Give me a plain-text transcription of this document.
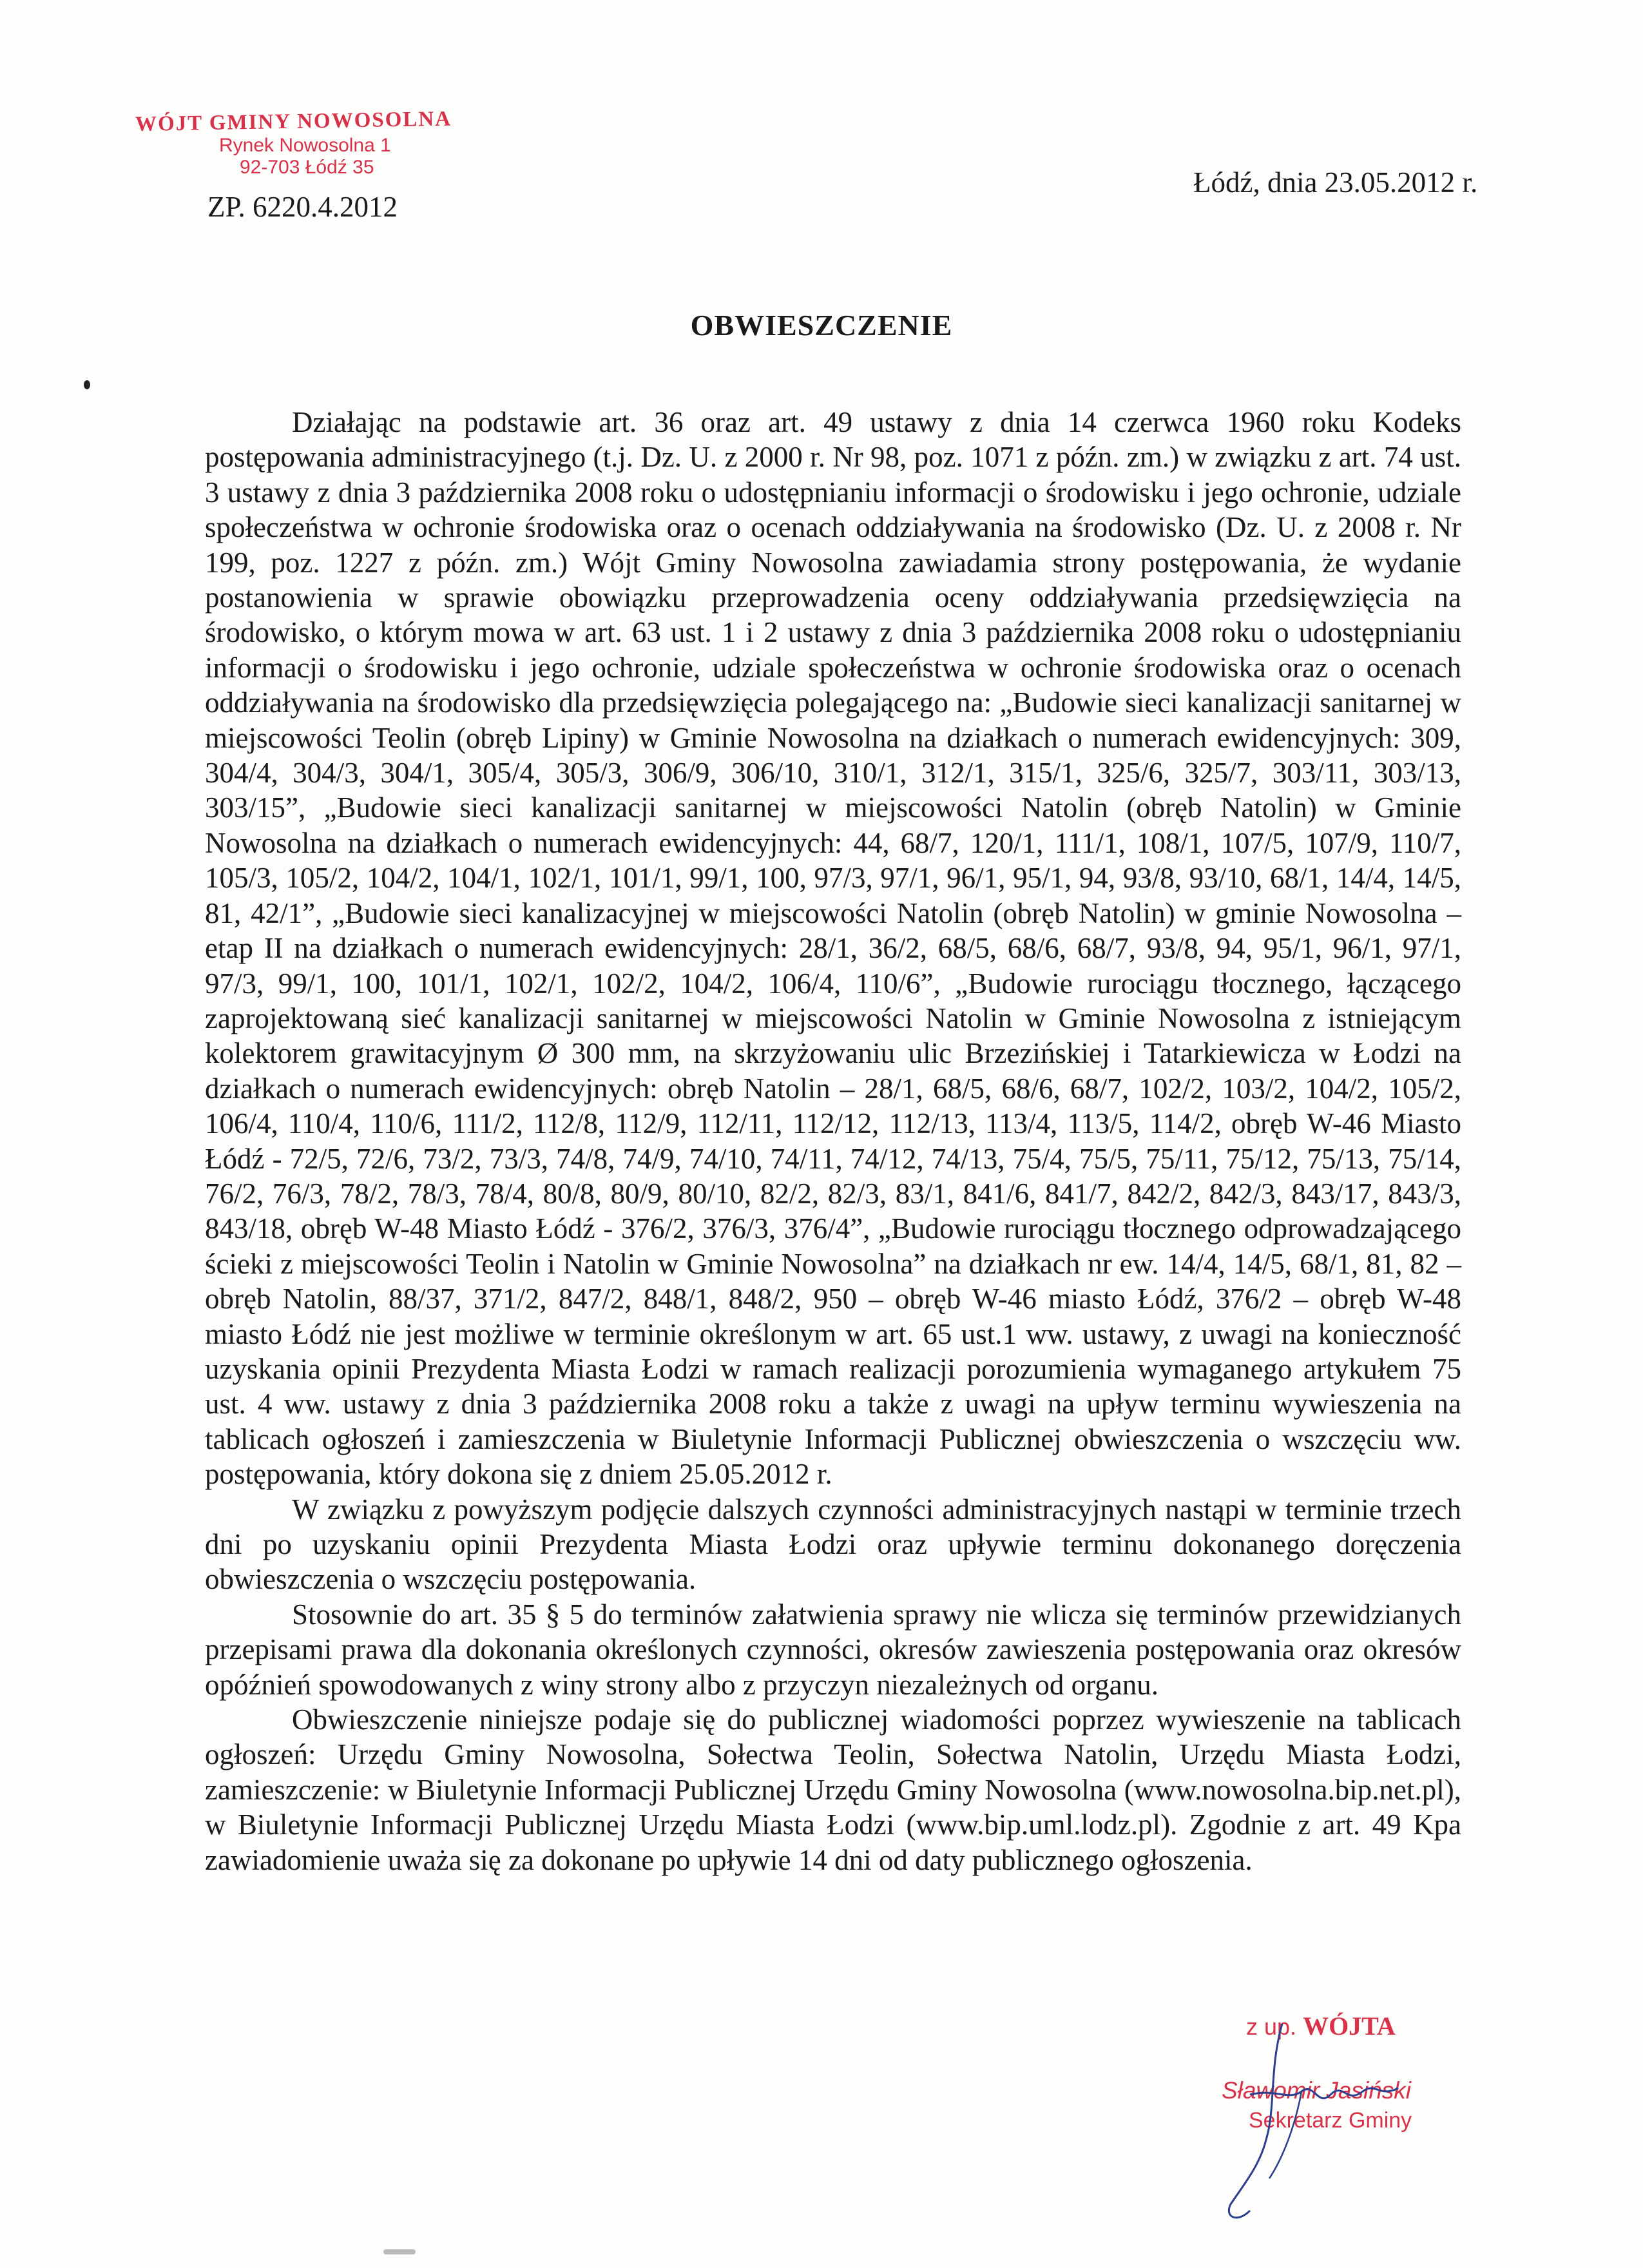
WÓJT GMINY NOWOSOLNA
Rynek Nowosolna 1
92-703 Łódź 35
ZP. 6220.4.2012
Łódź, dnia 23.05.2012 r.
OBWIESZCZENIE

Działając na podstawie art. 36 oraz art. 49 ustawy z dnia 14 czerwca 1960 roku Kodeks postępowania administracyjnego (t.j. Dz. U. z 2000 r. Nr 98, poz. 1071 z późn. zm.) w związku z art. 74 ust. 3 ustawy z dnia 3 października 2008 roku o udostępnianiu informacji o środowisku i jego ochronie, udziale społeczeństwa w ochronie środowiska oraz o ocenach oddziaływania na środowisko (Dz. U. z 2008 r. Nr 199, poz. 1227 z późn. zm.) Wójt Gminy Nowosolna zawiadamia strony postępowania, że wydanie postanowienia w sprawie obowiązku przeprowadzenia oceny oddziaływania przedsięwzięcia na środowisko, o którym mowa w art. 63 ust. 1 i 2 ustawy z dnia 3 października 2008 roku o udostępnianiu informacji o środowisku i jego ochronie, udziale społeczeństwa w ochronie środowiska oraz o ocenach oddziaływania na środowisko dla przedsięwzięcia polegającego na: „Budowie sieci kanalizacji sanitarnej w miejscowości Teolin (obręb Lipiny) w Gminie Nowosolna na działkach o numerach ewidencyjnych: 309, 304/4, 304/3, 304/1, 305/4, 305/3, 306/9, 306/10, 310/1, 312/1, 315/1, 325/6, 325/7, 303/11, 303/13, 303/15”, „Budowie sieci kanalizacji sanitarnej w miejscowości Natolin (obręb Natolin) w Gminie Nowosolna na działkach o numerach ewidencyjnych: 44, 68/7, 120/1, 111/1, 108/1, 107/5, 107/9, 110/7, 105/3, 105/2, 104/2, 104/1, 102/1, 101/1, 99/1, 100, 97/3, 97/1, 96/1, 95/1, 94, 93/8, 93/10, 68/1, 14/4, 14/5, 81, 42/1”, „Budowie sieci kanalizacyjnej w miejscowości Natolin (obręb Natolin) w gminie Nowosolna – etap II na działkach o numerach ewidencyjnych: 28/1, 36/2, 68/5, 68/6, 68/7, 93/8, 94, 95/1, 96/1, 97/1, 97/3, 99/1, 100, 101/1, 102/1, 102/2, 104/2, 106/4, 110/6”, „Budowie rurociągu tłocznego, łączącego zaprojektowaną sieć kanalizacji sanitarnej w miejscowości Natolin w Gminie Nowosolna z istniejącym kolektorem grawitacyjnym Ø 300 mm, na skrzyżowaniu ulic Brzezińskiej i Tatarkiewicza w Łodzi na działkach o numerach ewidencyjnych: obręb Natolin – 28/1, 68/5, 68/6, 68/7, 102/2, 103/2, 104/2, 105/2, 106/4, 110/4, 110/6, 111/2, 112/8, 112/9, 112/11, 112/12, 112/13, 113/4, 113/5, 114/2, obręb W-46 Miasto Łódź - 72/5, 72/6, 73/2, 73/3, 74/8, 74/9, 74/10, 74/11, 74/12, 74/13, 75/4, 75/5, 75/11, 75/12, 75/13, 75/14, 76/2, 76/3, 78/2, 78/3, 78/4, 80/8, 80/9, 80/10, 82/2, 82/3, 83/1, 841/6, 841/7, 842/2, 842/3, 843/17, 843/3, 843/18, obręb W-48 Miasto Łódź - 376/2, 376/3, 376/4”, „Budowie rurociągu tłocznego odprowadzającego ścieki z miejscowości Teolin i Natolin w Gminie Nowosolna” na działkach nr ew. 14/4, 14/5, 68/1, 81, 82 – obręb Natolin, 88/37, 371/2, 847/2, 848/1, 848/2, 950 – obręb W-46 miasto Łódź, 376/2 – obręb W-48 miasto Łódź nie jest możliwe w terminie określonym w art. 65 ust.1 ww. ustawy, z uwagi na konieczność uzyskania opinii Prezydenta Miasta Łodzi w ramach realizacji porozumienia wymaganego artykułem 75 ust. 4 ww. ustawy z dnia 3 października 2008 roku a także z uwagi na upływ terminu wywieszenia na tablicach ogłoszeń i zamieszczenia w Biuletynie Informacji Publicznej obwieszczenia o wszczęciu ww. postępowania, który dokona się z dniem 25.05.2012 r.

W związku z powyższym podjęcie dalszych czynności administracyjnych nastąpi w terminie trzech dni po uzyskaniu opinii Prezydenta Miasta Łodzi oraz upływie terminu dokonanego doręczenia obwieszczenia o wszczęciu postępowania.

Stosownie do art. 35 § 5 do terminów załatwienia sprawy nie wlicza się terminów przewidzianych przepisami prawa dla dokonania określonych czynności, okresów zawieszenia postępowania oraz okresów opóźnień spowodowanych z winy strony albo z przyczyn niezależnych od organu.

Obwieszczenie niniejsze podaje się do publicznej wiadomości poprzez wywieszenie na tablicach ogłoszeń: Urzędu Gminy Nowosolna, Sołectwa Teolin, Sołectwa Natolin, Urzędu Miasta Łodzi, zamieszczenie: w Biuletynie Informacji Publicznej Urzędu Gminy Nowosolna (www.nowosolna.bip.net.pl), w Biuletynie Informacji Publicznej Urzędu Miasta Łodzi (www.bip.uml.lodz.pl). Zgodnie z art. 49 Kpa zawiadomienie uważa się za dokonane po upływie 14 dni od daty publicznego ogłoszenia.

z up. WÓJTA
Sławomir Jasiński
Sekretarz Gminy
